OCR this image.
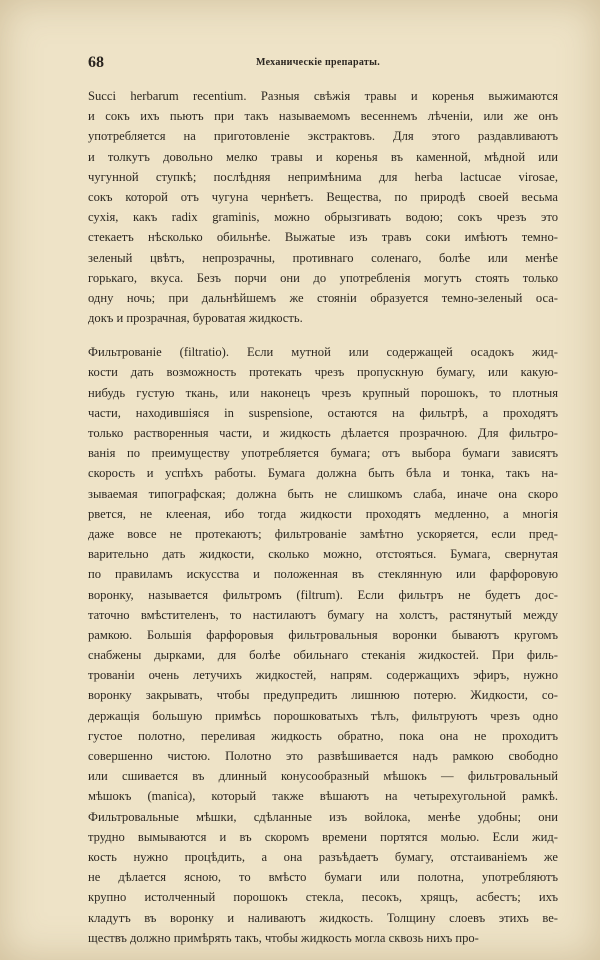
68	Механическіе препараты.
Succi herbarum recentium. Разныя свѣжія травы и коренья выжимаются
и сокъ ихъ пьютъ при такъ называемомъ весеннемъ лѣченіи, или же онъ
употребляется на приготовленіе экстрактовъ. Для этого раздавливаютъ
и толкутъ довольно мелко травы и коренья въ каменной, мѣдной или
чугунной ступкѣ; послѣдняя непримѣнима для herba lactucae virosae,
сокъ которой отъ чугуна чернѣетъ. Вещества, по природѣ своей весьма
сухія, какъ radix graminis, можно обрызгивать водою; сокъ чрезъ это
стекаетъ нѣсколько обильнѣе. Выжатые изъ травъ соки имѣютъ темно-
зеленый цвѣтъ, непрозрачны, противнаго соленаго, болѣе или менѣе
горькаго, вкуса. Безъ порчи они до употребленія могутъ стоять только
одну ночь; при дальнѣйшемъ же стояніи образуется темно-зеленый оса-
докъ и прозрачная, буроватая жидкость.
Фильтрованіе (filtratio). Если мутной или содержащей осадокъ жид-
кости дать возможность протекать чрезъ пропускную бумагу, или какую-
нибудь густую ткань, или наконецъ чрезъ крупный порошокъ, то плотныя
части, находившіяся in suspensione, остаются на фильтрѣ, а проходятъ
только растворенныя части, и жидкость дѣлается прозрачною. Для фильтро-
ванія по преимуществу употребляется бумага; отъ выбора бумаги зависятъ
скорость и успѣхъ работы. Бумага должна быть бѣла и тонка, такъ на-
зываемая типографская; должна быть не слишкомъ слаба, иначе она скоро
рвется, не клееная, ибо тогда жидкости проходятъ медленно, а многія
даже вовсе не протекаютъ; фильтрованіе замѣтно ускоряется, если пред-
варительно дать жидкости, сколько можно, отстояться. Бумага, свернутая
по правиламъ искусства и положенная въ стеклянную или фарфоровую
воронку, называется фильтромъ (filtrum). Если фильтръ не будетъ дос-
таточно вмѣстителенъ, то настилаютъ бумагу на холстъ, растянутый между
рамкою. Большія фарфоровыя фильтровальныя воронки бываютъ кругомъ
снабжены дырками, для болѣе обильнаго стеканія жидкостей. При филь-
трованіи очень летучихъ жидкостей, напрям. содержащихъ эфиръ, нужно
воронку закрывать, чтобы предупредить лишнюю потерю. Жидкости, со-
держащія большую примѣсь порошковатыхъ тѣлъ, фильтруютъ чрезъ одно
густое полотно, переливая жидкость обратно, пока она не проходитъ
совершенно чистою. Полотно это развѣшивается надъ рамкою свободно
или сшивается въ длинный конусообразный мѣшокъ — фильтровальный
мѣшокъ (manica), который также вѣшаютъ на четырехугольной рамкѣ.
Фильтровальные мѣшки, сдѣланные изъ войлока, менѣе удобны; они
трудно вымываются и въ скоромъ времени портятся молью. Если жид-
кость нужно процѣдить, а она разъѣдаетъ бумагу, отстаиваніемъ же
не дѣлается ясною, то вмѣсто бумаги или полотна, употребляютъ
крупно истолченный порошокъ стекла, песокъ, хрящъ, асбестъ; ихъ
кладутъ въ воронку и наливаютъ жидкость. Толщину слоевъ этихъ ве-
ществъ должно примѣрять такъ, чтобы жидкость могла сквозь нихъ про-
